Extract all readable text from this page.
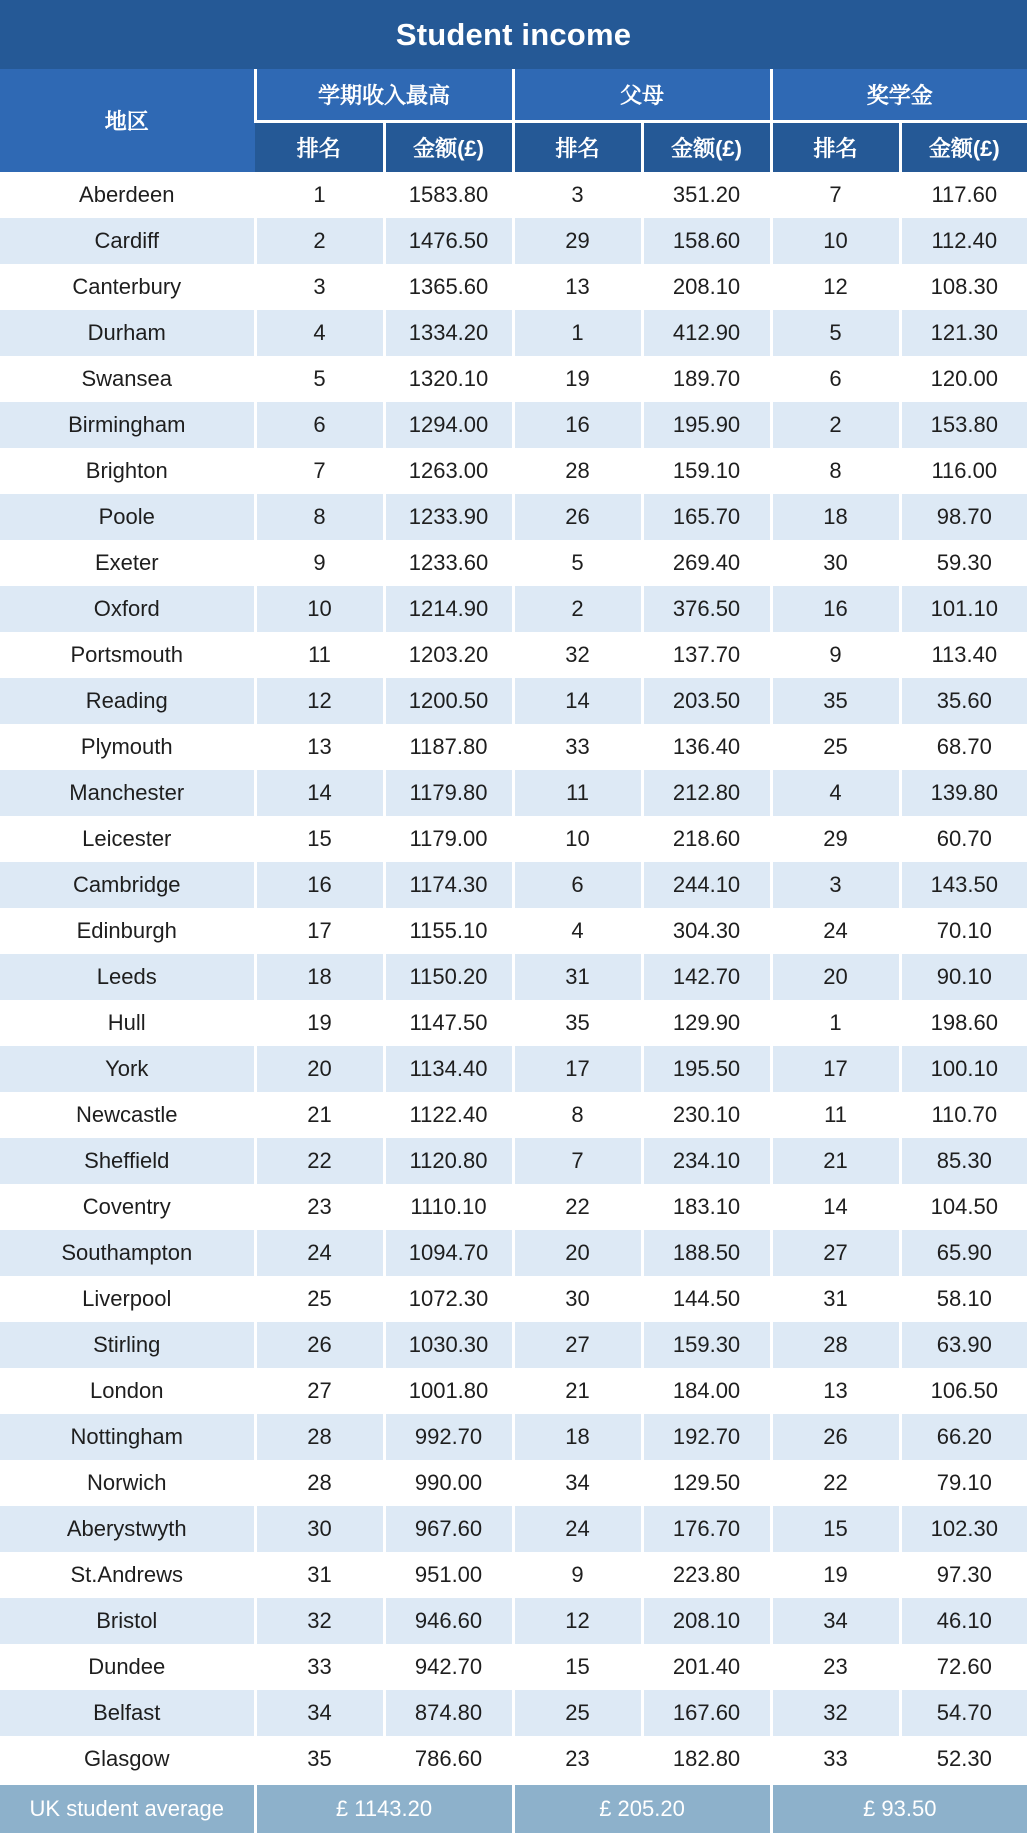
Student income
地区	学期收入最高		父母		奖学金	
	排名	金额(£)	排名	金额(£)	排名	金额(£)
Aberdeen	1	1583.80	3	351.20	7	117.60
Cardiff	2	1476.50	29	158.60	10	112.40
Canterbury	3	1365.60	13	208.10	12	108.30
Durham	4	1334.20	1	412.90	5	121.30
Swansea	5	1320.10	19	189.70	6	120.00
Birmingham	6	1294.00	16	195.90	2	153.80
Brighton	7	1263.00	28	159.10	8	116.00
Poole	8	1233.90	26	165.70	18	98.70
Exeter	9	1233.60	5	269.40	30	59.30
Oxford	10	1214.90	2	376.50	16	101.10
Portsmouth	11	1203.20	32	137.70	9	113.40
Reading	12	1200.50	14	203.50	35	35.60
Plymouth	13	1187.80	33	136.40	25	68.70
Manchester	14	1179.80	11	212.80	4	139.80
Leicester	15	1179.00	10	218.60	29	60.70
Cambridge	16	1174.30	6	244.10	3	143.50
Edinburgh	17	1155.10	4	304.30	24	70.10
Leeds	18	1150.20	31	142.70	20	90.10
Hull	19	1147.50	35	129.90	1	198.60
York	20	1134.40	17	195.50	17	100.10
Newcastle	21	1122.40	8	230.10	11	110.70
Sheffield	22	1120.80	7	234.10	21	85.30
Coventry	23	1110.10	22	183.10	14	104.50
Southampton	24	1094.70	20	188.50	27	65.90
Liverpool	25	1072.30	30	144.50	31	58.10
Stirling	26	1030.30	27	159.30	28	63.90
London	27	1001.80	21	184.00	13	106.50
Nottingham	28	992.70	18	192.70	26	66.20
Norwich	28	990.00	34	129.50	22	79.10
Aberystwyth	30	967.60	24	176.70	15	102.30
St.Andrews	31	951.00	9	223.80	19	97.30
Bristol	32	946.60	12	208.10	34	46.10
Dundee	33	942.70	15	201.40	23	72.60
Belfast	34	874.80	25	167.60	32	54.70
Glasgow	35	786.60	23	182.80	33	52.30
UK student average	£ 1143.20		£ 205.20		£ 93.50	
